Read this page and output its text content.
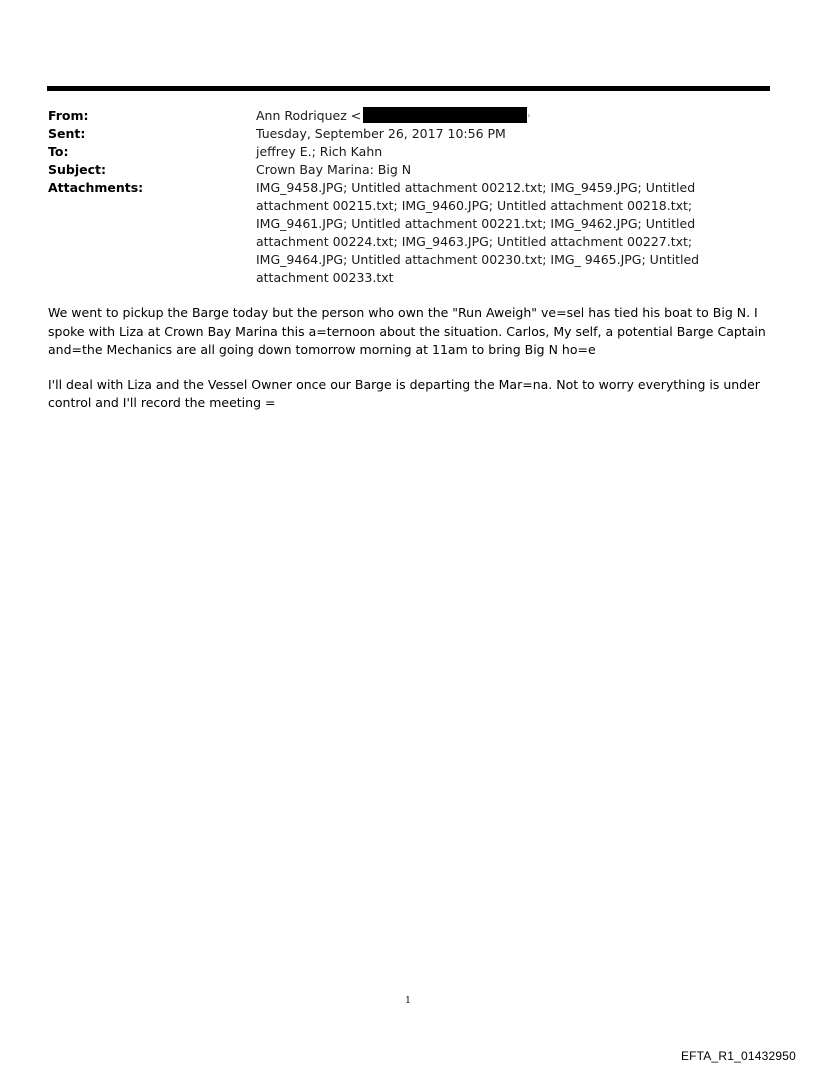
From:	Ann Rodriquez <	›
Sent:	Tuesday, September 26, 2017 10:56 PM
To:	jeffrey E.; Rich Kahn
Subject:	Crown Bay Marina: Big N
Attachments:	IMG_9458.JPG; Untitled attachment 00212.txt; IMG_9459.JPG; Untitled attachment 00215.txt; IMG_9460.JPG; Untitled attachment 00218.txt; IMG_9461.JPG; Untitled attachment 00221.txt; IMG_9462.JPG; Untitled attachment 00224.txt; IMG_9463.JPG; Untitled attachment 00227.txt; IMG_9464.JPG; Untitled attachment 00230.txt; IMG_ 9465.JPG; Untitled attachment 00233.txt

We went to pickup the Barge today but the person who own the "Run Aweigh" ve=sel has tied his boat to Big N. I spoke with Liza at Crown Bay Marina this a=ternoon about the situation. Carlos, My self, a potential Barge Captain and=the Mechanics are all going down tomorrow morning at 11am to bring Big N ho=e

I'll deal with Liza and the Vessel Owner once our Barge is departing the Mar=na. Not to worry everything is under control and I'll record the meeting =

1
EFTA_R1_01432950
